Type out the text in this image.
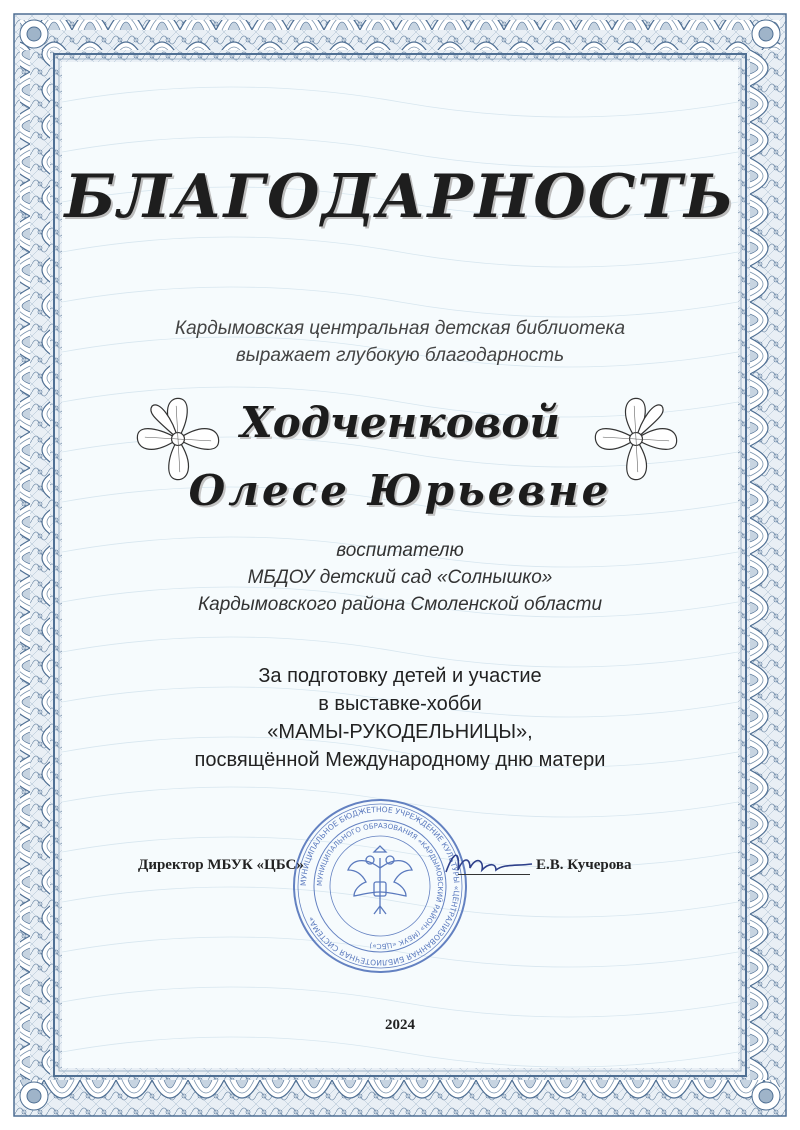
БЛАГОДАРНОСТЬ
Кардымовская центральная детская библиотека
выражает глубокую благодарность
Ходченковой
Олесе Юрьевне
воспитателю
МБДОУ детский сад «Солнышко»
Кардымовского района Смоленской области
За подготовку детей и участие
в выставке-хобби
«МАМЫ-РУКОДЕЛЬНИЦЫ»,
посвящённой Международному дню матери
МУНИЦИПАЛЬНОЕ БЮДЖЕТНОЕ УЧРЕЖДЕНИЕ КУЛЬТУРЫ «ЦЕНТРАЛИЗОВАННАЯ БИБЛИОТЕЧНАЯ СИСТЕМА»
МУНИЦИПАЛЬНОГО ОБРАЗОВАНИЯ «КАРДЫМОВСКИЙ РАЙОН» (МБУК «ЦБС»)
Директор МБУК «ЦБС»	Е.В. Кучерова
2024
